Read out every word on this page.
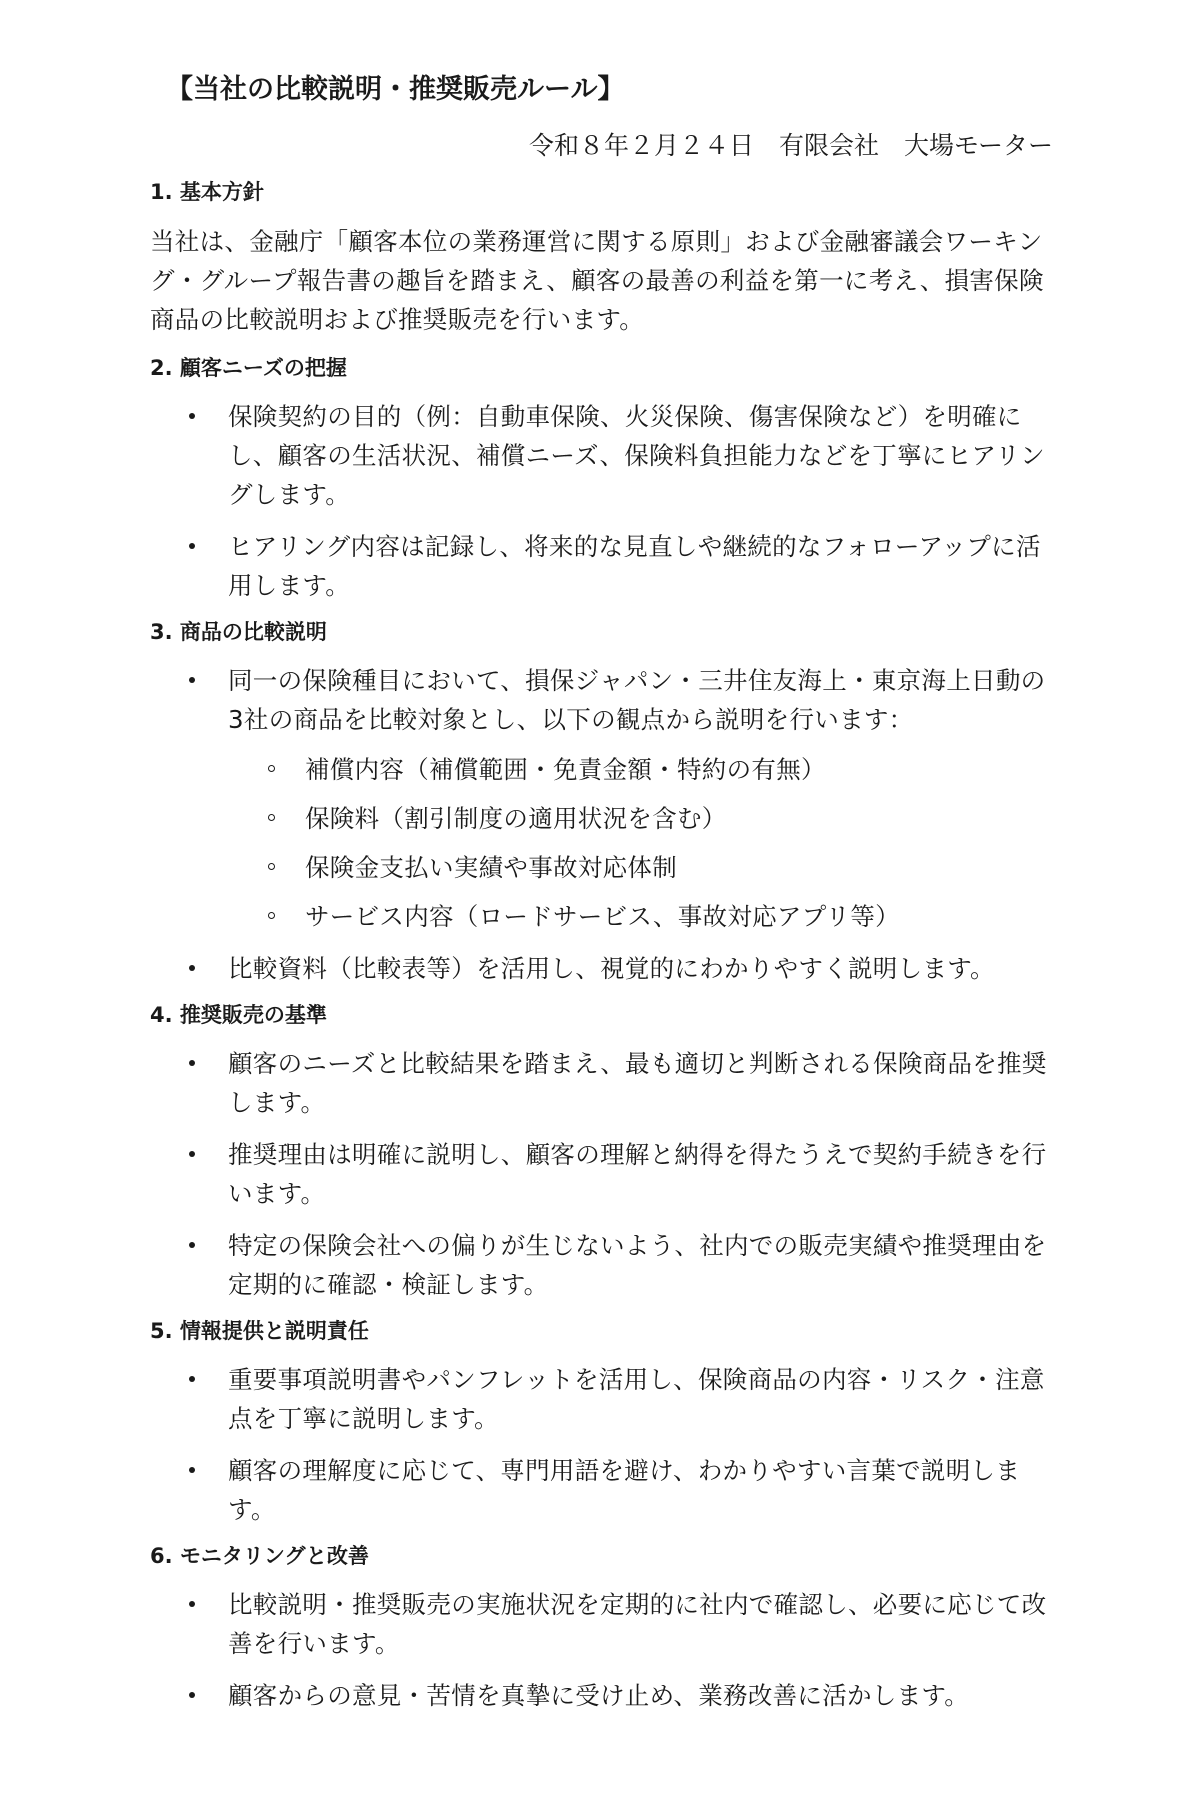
【当社の比較説明・推奨販売ルール】
令和８年２月２４日　有限会社　大場モーター
1. 基本方針

当社は、金融庁「顧客本位の業務運営に関する原則」および金融審議会ワーキング・グループ報告書の趣旨を踏まえ、顧客の最善の利益を第一に考え、損害保険商品の比較説明および推奨販売を行います。

2. 顧客ニーズの把握
保険契約の目的（例：自動車保険、火災保険、傷害保険など）を明確にし、顧客の生活状況、補償ニーズ、保険料負担能力などを丁寧にヒアリングします。
ヒアリング内容は記録し、将来的な見直しや継続的なフォローアップに活用します。
3. 商品の比較説明
同一の保険種目において、損保ジャパン・三井住友海上・東京海上日動の3社の商品を比較対象とし、以下の観点から説明を行います：
補償内容（補償範囲・免責金額・特約の有無）
保険料（割引制度の適用状況を含む）
保険金支払い実績や事故対応体制
サービス内容（ロードサービス、事故対応アプリ等）
比較資料（比較表等）を活用し、視覚的にわかりやすく説明します。
4. 推奨販売の基準
顧客のニーズと比較結果を踏まえ、最も適切と判断される保険商品を推奨します。
推奨理由は明確に説明し、顧客の理解と納得を得たうえで契約手続きを行います。
特定の保険会社への偏りが生じないよう、社内での販売実績や推奨理由を定期的に確認・検証します。
5. 情報提供と説明責任
重要事項説明書やパンフレットを活用し、保険商品の内容・リスク・注意点を丁寧に説明します。
顧客の理解度に応じて、専門用語を避け、わかりやすい言葉で説明します。
6. モニタリングと改善
比較説明・推奨販売の実施状況を定期的に社内で確認し、必要に応じて改善を行います。
顧客からの意見・苦情を真摯に受け止め、業務改善に活かします。
